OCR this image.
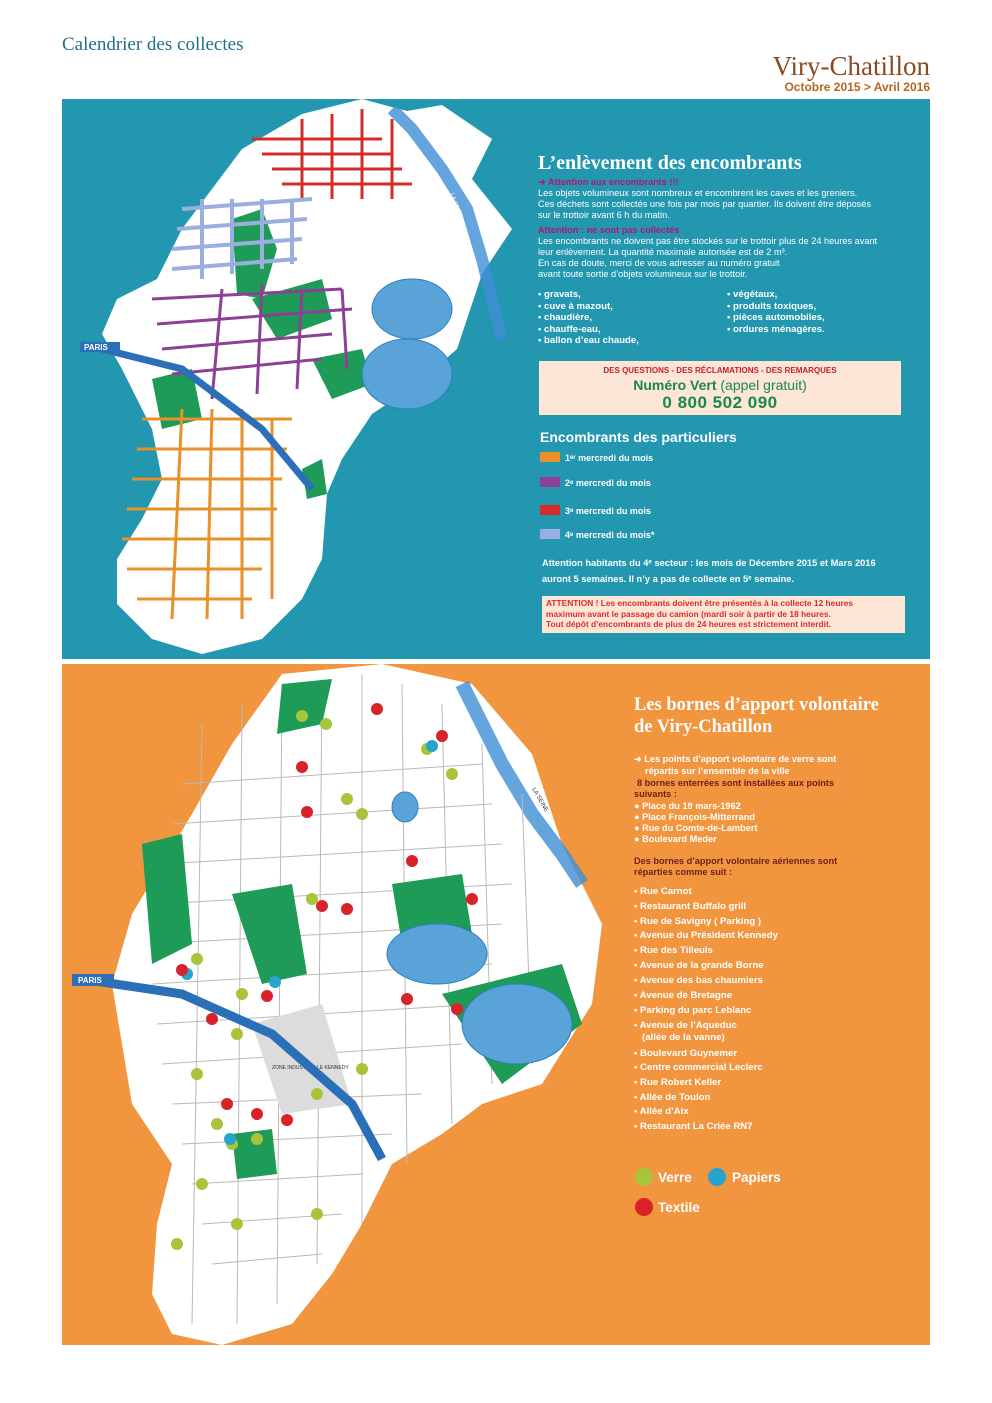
Calendrier des collectes
Viry-Chatillon
Octobre 2015 > Avril 2016
PARIS
LA SEINE
L’enlèvement des encombrants
➜ Attention aux encombrants !!!
Les objets volumineux sont nombreux et encombrent les caves et les greniers.
Ces déchets sont collectés une fois par mois par quartier. Ils doivent être déposés
sur le trottoir avant 6 h du matin.
Attention : ne sont pas collectés
Les encombrants ne doivent pas être stockés sur le trottoir plus de 24 heures avant
leur enlèvement. La quantité maximale autorisée est de 2 m³.
En cas de doute, merci de vous adresser au numéro gratuit
avant toute sortie d’objets volumineux sur le trottoir.
• gravats,
• cuve à mazout,
• chaudière,
• chauffe-eau,
• ballon d’eau chaude,
• végétaux,
• produits toxiques,
• pièces automobiles,
• ordures ménagères.
DES QUESTIONS - DES RÉCLAMATIONS - DES REMARQUES
Numéro Vert (appel gratuit)
0 800 502 090
Encombrants des particuliers
1ᵉʳ mercredi du mois
2ᵉ mercredi du mois
3ᵉ mercredi du mois
4ᵉ mercredi du mois*
Attention habitants du 4ᵉ secteur : les mois de Décembre 2015 et Mars 2016 auront 5 semaines. Il n’y a pas de collecte en 5ᵉ semaine.
ATTENTION ! Les encombrants doivent être présentés à la collecte 12 heures
maximum avant le passage du camion (mardi soir à partir de 18 heures.
Tout dépôt d’encombrants de plus de 24 heures est strictement interdit.
ZONE INDUSTRIELLE KENNEDY
PARIS
LA SEINE
Les bornes d’apport volontaire
de Viry-Chatillon
➜ Les points d’apport volontaire de verre sont
répartis sur l’ensemble de la ville
8 bornes enterrées sont installées aux points
suivants :
● Place du 19 mars-1962
● Place François-Mitterrand
● Rue du Comte-de-Lambert
● Boulevard Meder
Des bornes d’apport volontaire aériennes sont
réparties comme suit :
• Rue Carnot
• Restaurant Buffalo grill
• Rue de Savigny ( Parking )
• Avenue du Président Kennedy
• Rue des Tilleuls
• Avenue de la grande Borne
• Avenue des bas chaumiers
• Avenue de Bretagne
• Parking du parc Leblanc
• Avenue de l’Aqueduc
(allée de la vanne)
• Boulevard Guynemer
• Centre commercial Leclerc
• Rue Robert Keller
• Allée de Toulon
• Allée d’Aix
• Restaurant La Criée RN7
Verre	Papiers
Textile
